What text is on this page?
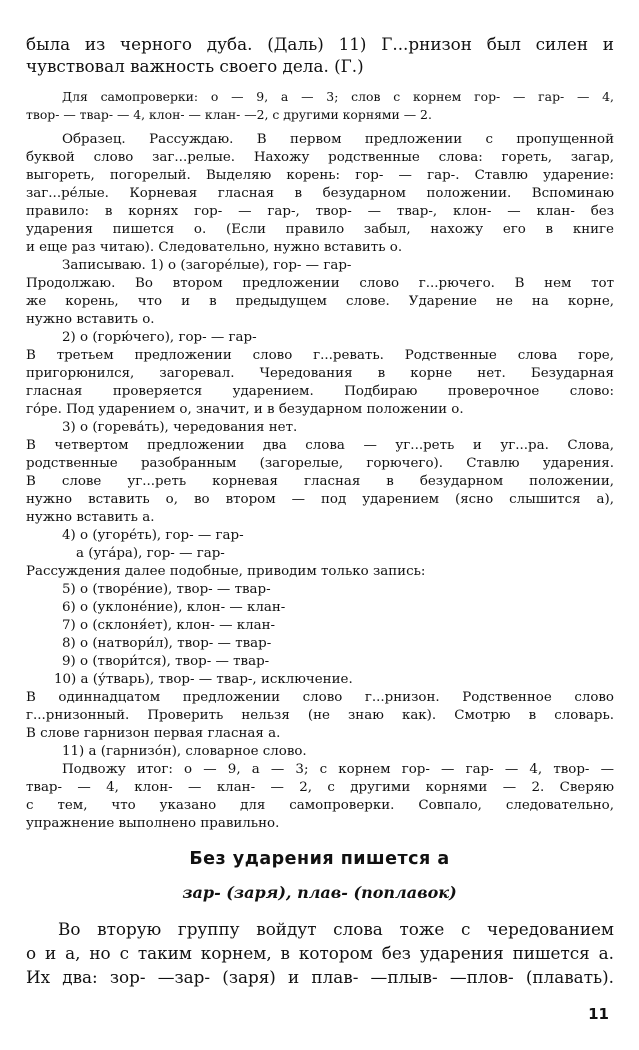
была из черного дуба. (Даль) 11) Г...рнизон был силен и
чувствовал важность своего дела. (Г.)
Для самопроверки: о — 9, а — 3; слов с корнем гор- — гар- — 4,
твор- — твар- — 4, клон- — клан- —2, с другими корнями — 2.
Образец. Рассуждаю. В первом предложении с пропущенной
буквой слово заг...релые. Нахожу родственные слова: гореть, загар,
выгореть, погорелый. Выделяю корень: гор- — гар-. Ставлю ударение:
заг...ре́лые. Корневая гласная в безударном положении. Вспоминаю
правило: в корнях гор- — гар-, твор- — твар-, клон- — клан- без
ударения пишется о. (Если правило забыл, нахожу его в книге
и еще раз читаю). Следовательно, нужно вставить о.
Записываю. 1) о (загоре́лые), гор- — гар-
Продолжаю. Во втором предложении слово г...рючего. В нем тот
же корень, что и в предыдущем слове. Ударение не на корне,
нужно вставить о.
2) о (горю́чего), гор- — гар-
В третьем предложении слово г...ревать. Родственные слова горе,
пригорюнился, загоревал. Чередования в корне нет. Безударная
гласная проверяется ударением. Подбираю проверочное слово:
го́ре. Под ударением о, значит, и в безударном положении о.
3) о (горева́ть), чередования нет.
В четвертом предложении два слова — уг...реть и уг...ра. Слова,
родственные разобранным (загорелые, горючего). Ставлю ударения.
В слове уг...реть корневая гласная в безударном положении,
нужно вставить о, во втором — под ударением (ясно слышится а),
нужно вставить а.
4) о (угоре́ть), гор- — гар-
а (уга́ра), гор- — гар-
Рассуждения далее подобные, приводим только запись:
5) о (творе́ние), твор- — твар-
6) о (уклоне́ние), клон- — клан-
7) о (склоня́ет), клон- — клан-
8) о (натвори́л), твор- — твар-
9) о (твори́тся), твор- — твар-
10) а (у́тварь), твор- — твар-, исключение.
В одиннадцатом предложении слово г...рнизон. Родственное слово
г...рнизонный. Проверить нельзя (не знаю как). Смотрю в словарь.
В слове гарнизон первая гласная а.
11) а (гарнизо́н), словарное слово.
Подвожу итог: о — 9, а — 3; с корнем гор- — гар- — 4, твор- —
твар- — 4, клон- — клан- — 2, с другими корнями — 2. Сверяю
с тем, что указано для самопроверки. Совпало, следовательно,
упражнение выполнено правильно.
Без ударения пишется а
зар- (заря), плав- (поплавок)
Во вторую группу войдут слова тоже с чередованием
о и а, но с таким корнем, в котором без ударения пишется а.
Их два: зор- —зар- (заря) и плав- —плыв- —плов- (плавать).
11
